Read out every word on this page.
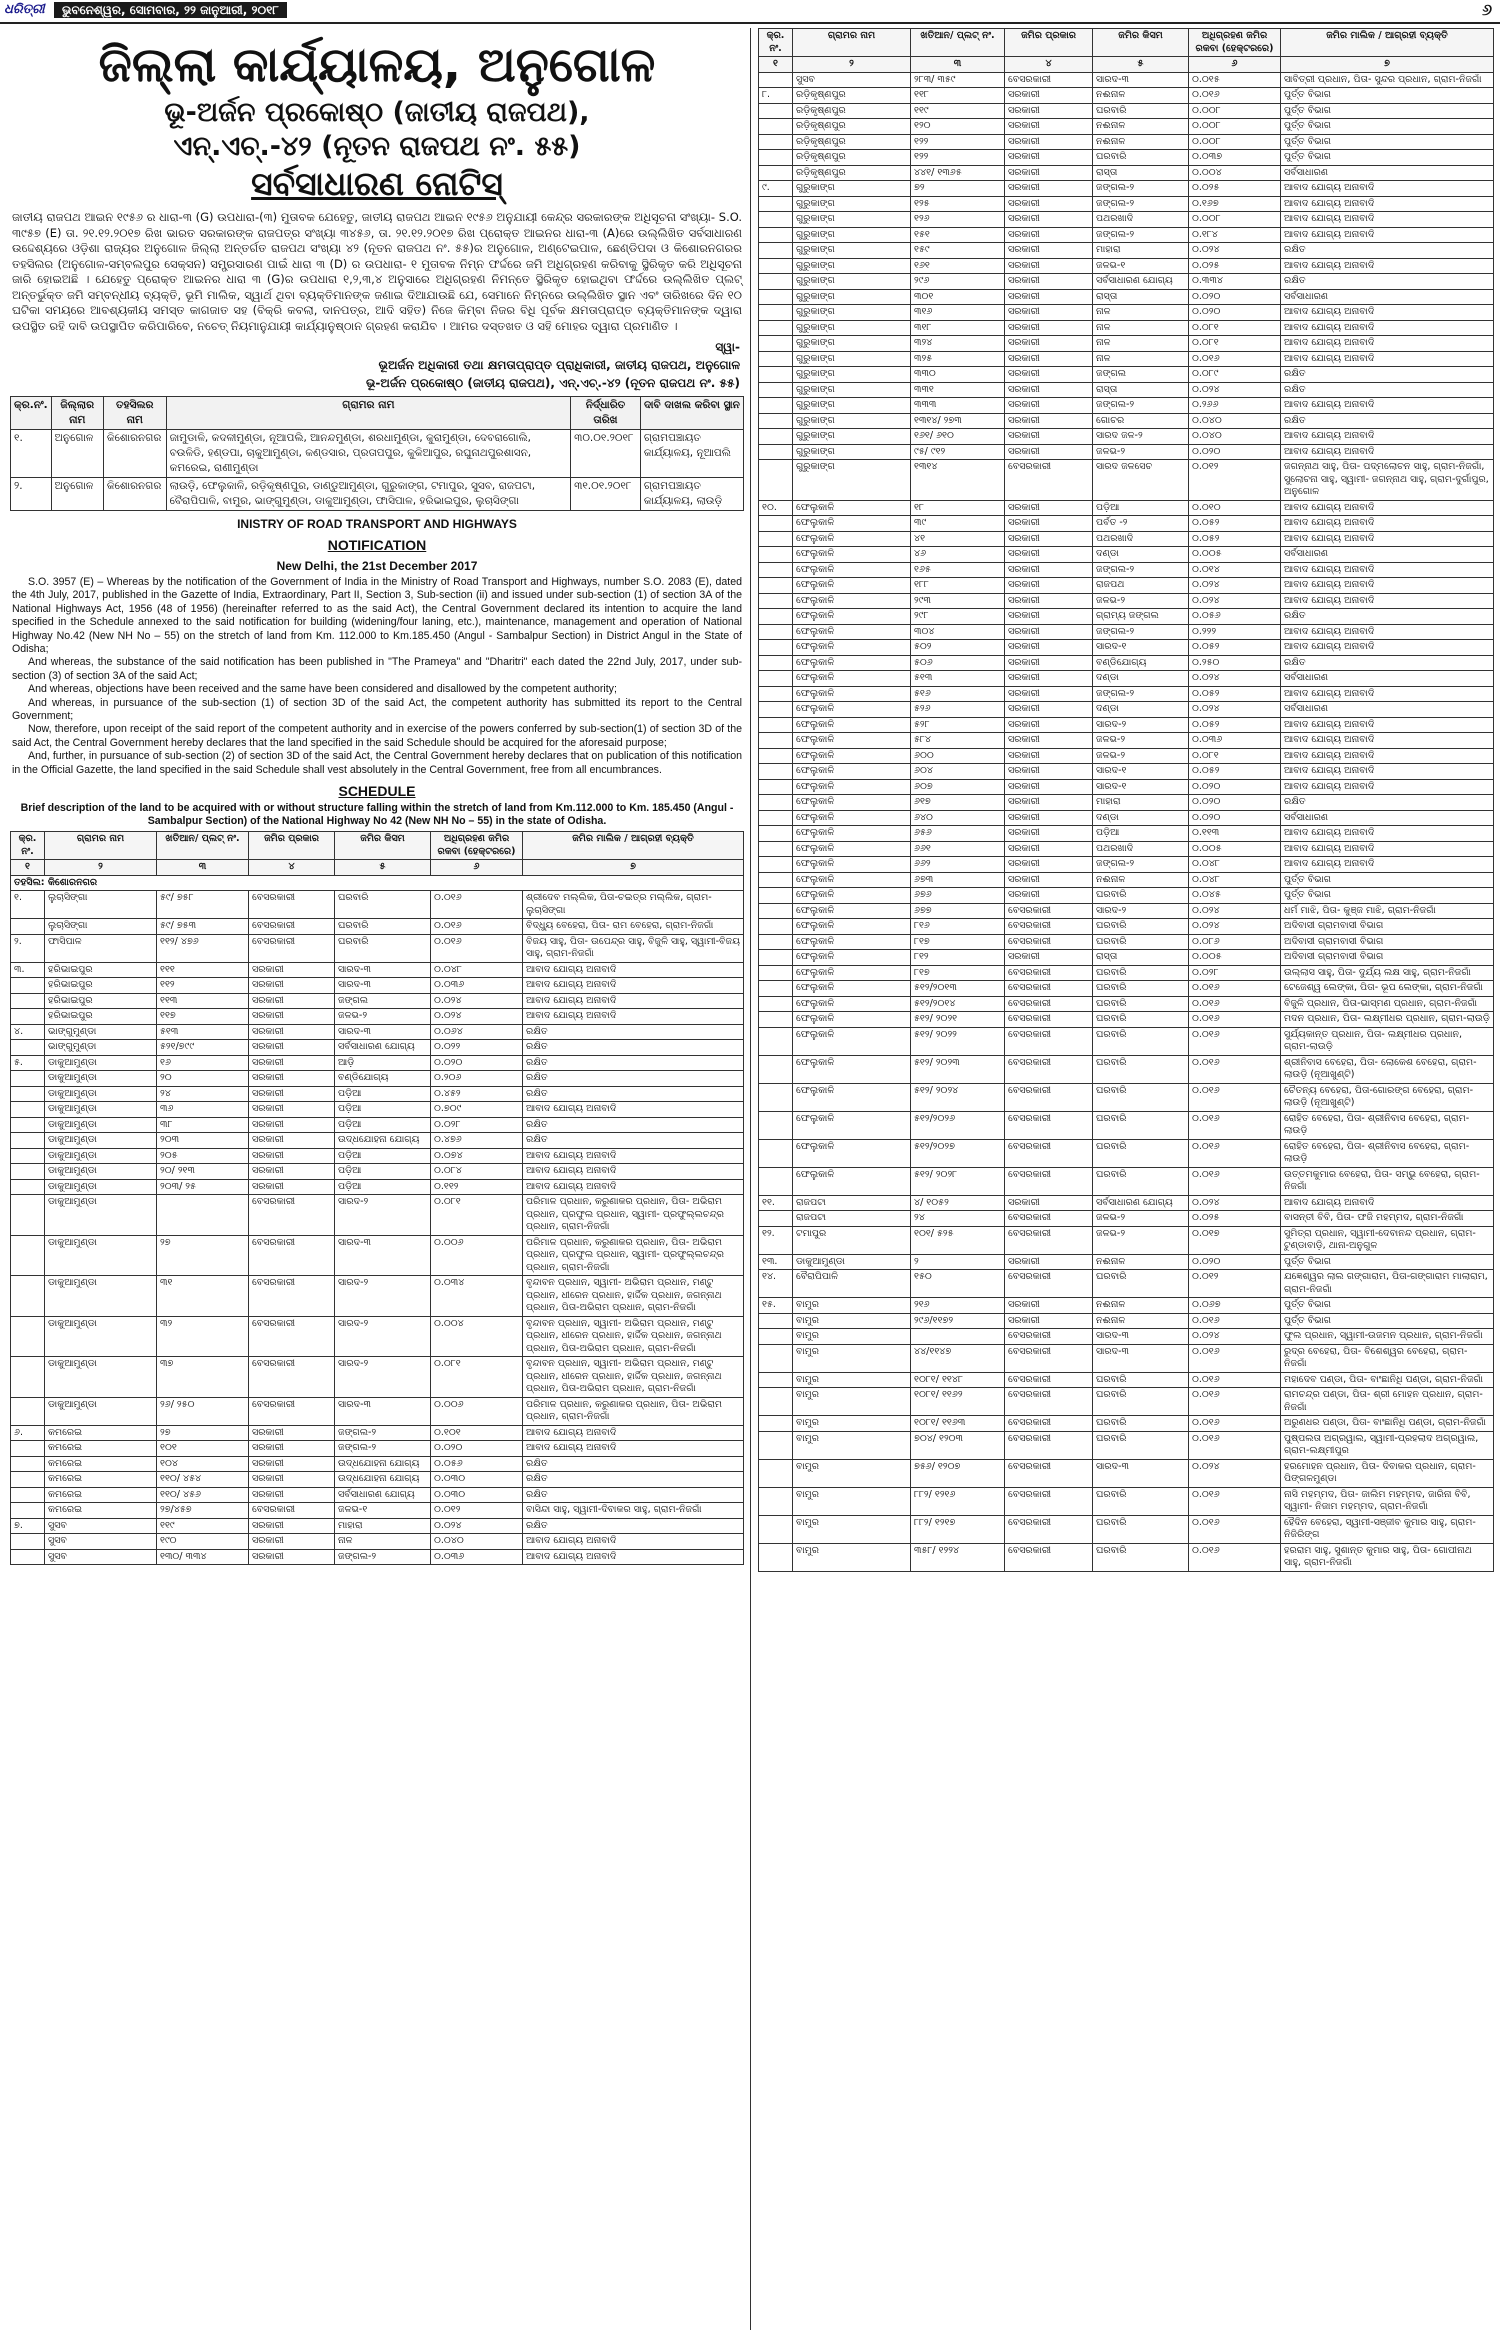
ଧରିତ୍ରୀ	ଭୁବନେଶ୍ୱର, ସୋମବାର, ୨୨ ଜାନୁଆରୀ, ୨୦୧୮	୬
ଜିଲ୍ଲା କାର୍ଯ୍ୟାଳୟ, ଅନୁଗୋଳ
ଭୂ-ଅର୍ଜନ ପ୍ରକୋଷ୍ଠ (ଜାତୀୟ ରାଜପଥ),
ଏନ୍.ଏଚ୍.-୪୨ (ନୂତନ ରାଜପଥ ନଂ. ୫୫)
ସର୍ବସାଧାରଣ ନୋଟିସ୍
ଜାତୀୟ ରାଜପଥ ଆଇନ ୧୯୫୬ ର ଧାରା-୩ (G) ଉପଧାରା-(୩) ମୁତାବକ ଯେହେତୁ, ଜାତୀୟ ରାଜପଥ ଆଇନ ୧୯୫୬ ଅନୁଯାୟୀ କେନ୍ଦ୍ର ସରକାରଙ୍କ ଅଧିସୂଚନା ସଂଖ୍ୟା- S.O. ୩୯୫୭ (E) ତା. ୨୧.୧୨.୨୦୧୭ ରିଖ ଭାରତ ସରକାରଙ୍କ ରାଜପତ୍ର ସଂଖ୍ୟା ୩୪୫୬, ତା. ୨୧.୧୨.୨୦୧୭ ରିଖ ପ୍ରୋକ୍ତ ଆଇନର ଧାରା-୩ (A)ରେ ଉଲ୍ଲିଖିତ ସର୍ବସାଧାରଣ ଉଦ୍ଦେଶ୍ୟରେ ଓଡ଼ିଶା ରାଜ୍ୟର ଅନୁଗୋଳ ଜିଲ୍ଲା ଅନ୍ତର୍ଗତ ରାଜପଥ ସଂଖ୍ୟା ୪୨ (ନୂତନ ରାଜପଥ ନଂ. ୫୫)ର ଅନୁଗୋଳ, ଅଣ୍ଟେଇପାଳ, ଛେଣ୍ଡିପଦା ଓ କିଶୋରନଗରର ତହସିଲର (ଅନୁଗୋଳ-ସମ୍ବଲପୁର ସେକ୍ସନ) ସମ୍ପ୍ରସାରଣ ପାଇଁ ଧାରା ୩ (D) ର ଉପଧାରା- ୧ ମୁତାବକ ନିମ୍ନ ଫର୍ଦ୍ଦରେ ଜମି ଅଧିଗ୍ରହଣ କରିବାକୁ ସ୍ଥିରିକୃତ କରି ଅଧିସୂଚନା ଜାରି ହୋଇଅଛି । ଯେହେତୁ ପ୍ରୋକ୍ତ ଆଇନର ଧାରା ୩ (G)ର ଉପଧାରା ୧,୨,୩,୪ ଅନୁସାରେ ଅଧିଗ୍ରହଣ ନିମନ୍ତେ ସ୍ଥିରିକୃତ ହୋଇଥିବା ଫର୍ଦ୍ଦରେ ଉଲ୍ଲିଖିତ ପ୍ଲଟ୍ ଅନ୍ତର୍ଭୁକ୍ତ ଜମି ସମ୍ବନ୍ଧୀୟ ବ୍ୟକ୍ତି, ଭୂମି ମାଲିକ, ସ୍ୱାର୍ଥ ଥିବା ବ୍ୟକ୍ତିମାନଙ୍କ ଜଣାଇ ଦିଆଯାଉଛି ଯେ, ସେମାନେ ନିମ୍ନରେ ଉଲ୍ଲିଖିତ ସ୍ଥାନ ଏବଂ ତାରିଖରେ ଦିନ ୧୦ ଘଟିକା ସମୟରେ ଆବଶ୍ୟକୀୟ ସମସ୍ତ କାଗଜାତ ସହ (ବିକ୍ରି କବଲା, ଦାନପତ୍ର, ଆଦି ସହିତ) ନିଜେ କିମ୍ବା ନିଜର ବିଧି ପୂର୍ବକ କ୍ଷମତାପ୍ରାପ୍ତ ବ୍ୟକ୍ତିମାନଙ୍କ ଦ୍ୱାରା ଉପସ୍ଥିତ ରହି ଦାବି ଉପସ୍ଥାପିତ କରିପାରିବେ, ନଚେତ୍ ନିୟମାନୁଯାୟୀ କାର୍ଯ୍ୟାନୁଷ୍ଠାନ ଗ୍ରହଣ କରାଯିବ । ଆମର ଦସ୍ତଖତ ଓ ସହି ମୋହର ଦ୍ୱାରା ପ୍ରମାଣିତ ।
ସ୍ୱା-
ଭୂଅର୍ଜନ ଅଧିକାରୀ ତଥା କ୍ଷମତାପ୍ରାପ୍ତ ପ୍ରାଧିକାରୀ, ଜାତୀୟ ରାଜପଥ, ଅନୁଗୋଳ
ଭୂ-ଅର୍ଜନ ପ୍ରକୋଷ୍ଠ (ଜାତୀୟ ରାଜପଥ), ଏନ୍.ଏଚ୍.-୪୨ (ନୂତନ ରାଜପଥ ନଂ. ୫୫)
କ୍ର.ନଂ.	ଜିଲ୍ଲାର ନାମ	ତହସିଲର ନାମ	ଗ୍ରାମର ନାମ	ନିର୍ଦ୍ଧାରିତ ତାରିଖ	ଦାବି ଦାଖଲ କରିବା ସ୍ଥାନ
୧.	ଅନୁଗୋଳ	କିଶୋରନଗର	ଜାମୁଡାଳି, କଦଳୀମୁଣ୍ଡା, ନୂଆପଲି, ଆନନ୍ଦମୁଣ୍ଡା, ଶରଧାମୁଣ୍ଡା, କୁରାମୁଣ୍ଡା, ଦେବରାଗୋଲି, ବଉଳିଡି, ହଣ୍ଡପା, ଚାକୁଆମୁଣ୍ଡା, କଣ୍ଡସାର, ପ୍ରତାପପୁର, କୁକିଆପୁର, ରଘୁନାଥପୁରଶାସନ, କମରେଇ, ରାଣୀମୁଣ୍ଡା	୩୦.୦୧.୨୦୧୮	ଗ୍ରାମପଞ୍ଚାୟତ କାର୍ଯ୍ୟାଳୟ, ନୂଆପଲି
୨.	ଅନୁଗୋଳ	କିଶୋରନଗର	ଲାଉଡ଼ି, ଫେଲୁକାଳି, ରଡ଼ିକୃଷ୍ଣପୁର, ଡାଣ୍ଡୁଆମୁଣ୍ଡା, ଗୁରୁକାଙ୍ଗ, ଟମାପୁର, ସୁସବ, ରାଜପଟା, ବୈରାପିପାଳି, ବାମୁର, ଭାଙ୍ଗୁମୁଣ୍ଡା, ଡାକୁଆମୁଣ୍ଡା, ଫାସିପାଳ, ହରିଭାଇପୁର, ଲୁଚାସିଙ୍ଗା	୩୧.୦୧.୨୦୧୮	ଗ୍ରାମପଞ୍ଚାୟତ କାର୍ଯ୍ୟାଳୟ, ଲାଉଡ଼ି
INISTRY OF ROAD TRANSPORT AND HIGHWAYS
NOTIFICATION
New Delhi, the 21st December 2017

S.O. 3957 (E) – Whereas by the notification of the Government of India in the Ministry of Road Transport and Highways, number S.O. 2083 (E), dated the 4th July, 2017, published in the Gazette of India, Extraordinary, Part II, Section 3, Sub-section (ii) and issued under sub-section (1) of section 3A of the National Highways Act, 1956 (48 of 1956) (hereinafter referred to as the said Act), the Central Government declared its intention to acquire the land specified in the Schedule annexed to the said notification for building (widening/four laning, etc.), maintenance, management and operation of National Highway No.42 (New NH No – 55) on the stretch of land from Km. 112.000 to Km.185.450 (Angul - Sambalpur Section) in District Angul in the State of Odisha;

And whereas, the substance of the said notification has been published in "The Prameya" and "Dharitri" each dated the 22nd July, 2017, under sub-section (3) of section 3A of the said Act;

And whereas, objections have been received and the same have been considered and disallowed by the competent authority;

And whereas, in pursuance of the sub-section (1) of section 3D of the said Act, the competent authority has submitted its report to the Central Government;

Now, therefore, upon receipt of the said report of the competent authority and in exercise of the powers conferred by sub-section(1) of section 3D of the said Act, the Central Government hereby declares that the land specified in the said Schedule should be acquired for the aforesaid purpose;

And, further, in pursuance of sub-section (2) of section 3D of the said Act, the Central Government hereby declares that on publication of this notification in the Official Gazette, the land specified in the said Schedule shall vest absolutely in the Central Government, free from all encumbrances.

SCHEDULE
Brief description of the land to be acquired with or without structure falling within the stretch of land from Km.112.000 to Km. 185.450 (Angul - Sambalpur Section) of the National Highway No 42 (New NH No – 55) in the state of Odisha.
କ୍ର. ନଂ.	ଗ୍ରାମର ନାମ	ଖତିଆନ/ ପ୍ଲଟ୍ ନଂ.	ଜମିର ପ୍ରକାର	ଜମିର କିସମ	ଅଧିଗ୍ରହଣ ଜମିର ରକବା (ହେକ୍ଟରରେ)	ଜମିର ମାଲିକ / ଆଗ୍ରହୀ ବ୍ୟକ୍ତି
୧	୨	୩	୪	୫	୬	୭
ତହସିଲ: କିଶୋରନଗର						
୧.	ଲୁଚାସିଙ୍ଗା	୫୯/ ୭୫୮	ବେସରକାରୀ	ଘରବାରି	୦.୦୧୬	ଶ୍ରୀଦେବ ମଲ୍ଲିକ, ପିତା-ଚଇତ୍ର ମଲ୍ଲିକ, ଗ୍ରାମ-ଲୁଚାସିଙ୍ଗା
	ଲୁଚାସିଙ୍ଗା	୫୯/ ୭୫୩	ବେସରକାରୀ	ଘରବାରି	୦.୦୧୬	ବିଦ୍ଧ୍ୟୁ ବେହେରା, ପିତା- ରାମ ବେହେରା, ଗ୍ରାମ-ନିଜଗାଁ
୨.	ଫାସିପାଳ	୧୧୨/ ୪୭୬	ବେସରକାରୀ	ଘରବାରି	୦.୦୧୬	ବିଜୟ ସାହୁ, ପିତା- ଉପେନ୍ଦ୍ର ସାହୁ, ବିଜୁଳି ସାହୁ, ସ୍ୱାମୀ-ବିଜୟ ସାହୁ, ଗ୍ରାମ-ନିଜଗାଁ
୩.	ହରିଭାଇପୁର	୧୧୧	ସରକାରୀ	ସାରଦ-୩	୦.୦୪୮	ଆବାଦ ଯୋଗ୍ୟ ଅନାବାଦି
	ହରିଭାଇପୁର	୧୧୨	ସରକାରୀ	ସାରଦ-୩	୦.୦୩୬	ଆବାଦ ଯୋଗ୍ୟ ଅନାବାଦି
	ହରିଭାଇପୁର	୧୧୩	ସରକାରୀ	ଜଙ୍ଗଲ	୦.୦୨୪	ଆବାଦ ଯୋଗ୍ୟ ଅନାବାଦି
	ହରିଭାଇପୁର	୧୧୭	ସରକାରୀ	ଜଳଭ-୨	୦.୦୨୪	ଆବାଦ ଯୋଗ୍ୟ ଅନାବାଦି
୪.	ଭାଙ୍ଗୁମୁଣ୍ଡା	୫୧୩	ସରକାରୀ	ସାରଦ-୩	୦.୦୬୪	ରକ୍ଷିତ
	ଭାଙ୍ଗୁମୁଣ୍ଡା	୫୨୧/୭୯୯	ସରକାରୀ	ସର୍ବସାଧାରଣ ଯୋଗ୍ୟ	୦.୦୨୨	ରକ୍ଷିତ
୫.	ଡାକୁଆମୁଣ୍ଡା	୧୬	ସରକାରୀ	ଆଡ଼ି	୦.୦୨୦	ରକ୍ଷିତ
	ଡାକୁଆମୁଣ୍ଡା	୨୦	ସରକାରୀ	ବଣ୍ଡିଯୋଗ୍ୟ	୦.୨୦୬	ରକ୍ଷିତ
	ଡାକୁଆମୁଣ୍ଡା	୨୪	ସରକାରୀ	ପଡ଼ିଆ	୦.୪୫୨	ରକ୍ଷିତ
	ଡାକୁଆମୁଣ୍ଡା	୩୬	ସରକାରୀ	ପଡ଼ିଆ	୦.୭୦୯	ଆବାଦ ଯୋଗ୍ୟ ଅନାବାଦି
	ଡାକୁଆମୁଣ୍ଡା	୩୮	ସରକାରୀ	ପଡ଼ିଆ	୦.୦୨୮	ରକ୍ଷିତ
	ଡାକୁଆମୁଣ୍ଡା	୨୦୩	ସରକାରୀ	ଉଦ୍ଧଯୋହନା ଯୋଗ୍ୟ	୦.୪୭୬	ରକ୍ଷିତ
	ଡାକୁଆମୁଣ୍ଡା	୨୦୫	ସରକାରୀ	ପଡ଼ିଆ	୦.୦୭୪	ଆବାଦ ଯୋଗ୍ୟ ଅନାବାଦି
	ଡାକୁଆମୁଣ୍ଡା	୨୦/ ୨୧୩	ସରକାରୀ	ପଡ଼ିଆ	୦.୦୮୪	ଆବାଦ ଯୋଗ୍ୟ ଅନାବାଦି
	ଡାକୁଆମୁଣ୍ଡା	୨୦୩/ ୨୫	ସରକାରୀ	ପଡ଼ିଆ	୦.୧୧୨	ଆବାଦ ଯୋଗ୍ୟ ଅନାବାଦି
	ଡାକୁଆମୁଣ୍ଡା		ବେସରକାରୀ	ସାରଦ-୨	୦.୦୮୧	ପରିମାଳ ପ୍ରଧାନ, କରୁଣାକର ପ୍ରଧାନ, ପିତା- ଅଭିରାମ ପ୍ରଧାନ, ପ୍ରଫୁଲ ପ୍ରଧାନ, ସ୍ୱାମୀ- ପ୍ରଫୁଲ୍ଲଚନ୍ଦ୍ର ପ୍ରଧାନ, ଗ୍ରାମ-ନିଜଗାଁ
	ଡାକୁଆମୁଣ୍ଡା	୨୭	ବେସରକାରୀ	ସାରଦ-୩	୦.୦୦୬	ପରିମାଳ ପ୍ରଧାନ, କରୁଣାକର ପ୍ରଧାନ, ପିତା- ଅଭିରାମ ପ୍ରଧାନ, ପ୍ରଫୁଲ ପ୍ରଧାନ, ସ୍ୱାମୀ- ପ୍ରଫୁଲ୍ଲଚନ୍ଦ୍ର ପ୍ରଧାନ, ଗ୍ରାମ-ନିଜଗାଁ
	ଡାକୁଆମୁଣ୍ଡା	୩୧	ବେସରକାରୀ	ସାରଦ-୨	୦.୦୩୪	ବୃନ୍ଦାବନ ପ୍ରଧାନ, ସ୍ୱାମୀ- ଅଭିରାମ ପ୍ରଧାନ, ମଣ୍ଟୁ ପ୍ରଧାନ, ଧୀରେନ ପ୍ରଧାନ, ହାର୍ଦ୍ଦିକ ପ୍ରଧାନ, ଜଗନ୍ନାଥ ପ୍ରଧାନ, ପିତା-ଅଭିରାମ ପ୍ରଧାନ, ଗ୍ରାମ-ନିଜଗାଁ
	ଡାକୁଆମୁଣ୍ଡା	୩୨	ବେସରକାରୀ	ସାରଦ-୨	୦.୦୦୪	ବୃନ୍ଦାବନ ପ୍ରଧାନ, ସ୍ୱାମୀ- ଅଭିରାମ ପ୍ରଧାନ, ମଣ୍ଟୁ ପ୍ରଧାନ, ଧୀରେନ ପ୍ରଧାନ, ହାର୍ଦ୍ଦିକ ପ୍ରଧାନ, ଜଗନ୍ନାଥ ପ୍ରଧାନ, ପିତା-ଅଭିରାମ ପ୍ରଧାନ, ଗ୍ରାମ-ନିଜଗାଁ
	ଡାକୁଆମୁଣ୍ଡା	୩୭	ବେସରକାରୀ	ସାରଦ-୨	୦.୦୮୧	ବୃନ୍ଦାବନ ପ୍ରଧାନ, ସ୍ୱାମୀ- ଅଭିରାମ ପ୍ରଧାନ, ମଣ୍ଟୁ ପ୍ରଧାନ, ଧୀରେନ ପ୍ରଧାନ, ହାର୍ଦ୍ଦିକ ପ୍ରଧାନ, ଜଗନ୍ନାଥ ପ୍ରଧାନ, ପିତା-ଅଭିରାମ ପ୍ରଧାନ, ଗ୍ରାମ-ନିଜଗାଁ
	ଡାକୁଆମୁଣ୍ଡା	୨୬/ ୨୫୦	ବେସରକାରୀ	ସାରଦ-୩	୦.୦୦୬	ପରିମାଳ ପ୍ରଧାନ, କରୁଣାକର ପ୍ରଧାନ, ପିତା- ଅଭିରାମ ପ୍ରଧାନ, ଗ୍ରାମ-ନିଜଗାଁ
୬.	କମରେଇ	୨୭	ସରକାରୀ	ଜଙ୍ଗଲ-୨	୦.୧୦୧	ଆବାଦ ଯୋଗ୍ୟ ଅନାବାଦି
	କମରେଇ	୧୦୧	ସରକାରୀ	ଜଙ୍ଗଲ-୨	୦.୦୨୦	ଆବାଦ ଯୋଗ୍ୟ ଅନାବାଦି
	କମରେଇ	୧୦୪	ସରକାରୀ	ଉଦ୍ଧଯୋହନା ଯୋଗ୍ୟ	୦.୦୫୬	ରକ୍ଷିତ
	କମରେଇ	୧୧୦/ ୪୫୪	ସରକାରୀ	ଉଦ୍ଧଯୋହନା ଯୋଗ୍ୟ	୦.୦୩୦	ରକ୍ଷିତ
	କମରେଇ	୧୧୦/ ୪୫୬	ସରକାରୀ	ସର୍ବସାଧାରଣ ଯୋଗ୍ୟ	୦.୦୩୦	ରକ୍ଷିତ
	କମରେଇ	୨୭/୪୫୭	ବେସରକାରୀ	ଜଳଭ-୧	୦.୦୧୨	ବାସିନ୍ଦା ସାହୁ, ସ୍ୱାମୀ-ଦିବାକର ସାହୁ, ଗ୍ରାମ-ନିଜଗାଁ
୭.	ସୁସବ	୧୧୯	ସରକାରୀ	ମାହାରା	୦.୦୨୪	ରକ୍ଷିତ
	ସୁସବ	୧୯୦	ସରକାରୀ	ନାଳ	୦.୦୪୦	ଆବାଦ ଯୋଗ୍ୟ ଅନାବାଦି
	ସୁସବ	୧୩୦/ ୩୩୪	ସରକାରୀ	ଜଙ୍ଗଲ-୨	୦.୦୩୬	ଆବାଦ ଯୋଗ୍ୟ ଅନାବାଦି
କ୍ର. ନଂ.	ଗ୍ରାମର ନାମ	ଖତିଆନ/ ପ୍ଲଟ୍ ନଂ.	ଜମିର ପ୍ରକାର	ଜମିର କିସମ	ଅଧିଗ୍ରହଣ ଜମିର ରକବା (ହେକ୍ଟରରେ)	ଜମିର ମାଲିକ / ଆଗ୍ରହୀ ବ୍ୟକ୍ତି
୧	୨	୩	୪	୫	୬	୭
	ସୁସବ	୨୮୩/ ୩୫୯	ବେସରକାରୀ	ସାରଦ-୩	୦.୦୧୫	ସାବିତ୍ରୀ ପ୍ରଧାନ, ପିତା- ସୁନ୍ଦର ପ୍ରଧାନ, ଗ୍ରାମ-ନିଜଗାଁ
୮.	ରଡ଼ିକୃଷ୍ଣପୁର	୧୧୮	ସରକାରୀ	ନଈନାଳ	୦.୦୧୬	ପୁର୍ତ୍ତ ବିଭାଗ
	ରଡ଼ିକୃଷ୍ଣପୁର	୧୧୯	ସରକାରୀ	ଘରବାରି	୦.୦୦୮	ପୁର୍ତ୍ତ ବିଭାଗ
	ରଡ଼ିକୃଷ୍ଣପୁର	୧୨୦	ସରକାରୀ	ନଈନାଳ	୦.୦୦୮	ପୁର୍ତ୍ତ ବିଭାଗ
	ରଡ଼ିକୃଷ୍ଣପୁର	୧୨୨	ସରକାରୀ	ନଈନାଳ	୦.୦୦୮	ପୁର୍ତ୍ତ ବିଭାଗ
	ରଡ଼ିକୃଷ୍ଣପୁର	୧୨୨	ସରକାରୀ	ଘରବାରି	୦.୦୩୭	ପୁର୍ତ୍ତ ବିଭାଗ
	ରଡ଼ିକୃଷ୍ଣପୁର	୪୪୧/ ୧୩୬୫	ସରକାରୀ	ରାସ୍ତା	୦.୦୦୪	ସର୍ବସାଧାରଣ
୯.	ଗୁରୁକାଙ୍ଗ	୭୨	ସରକାରୀ	ଜଙ୍ଗଲ-୨	୦.୦୨୫	ଆବାଦ ଯୋଗ୍ୟ ଅନାବାଦି
	ଗୁରୁକାଙ୍ଗ	୧୨୫	ସରକାରୀ	ଜଙ୍ଗଲ-୨	୦.୧୬୭	ଆବାଦ ଯୋଗ୍ୟ ଅନାବାଦି
	ଗୁରୁକାଙ୍ଗ	୧୨୬	ସରକାରୀ	ପଥରଖାଦି	୦.୦୦୮	ଆବାଦ ଯୋଗ୍ୟ ଅନାବାଦି
	ଗୁରୁକାଙ୍ଗ	୧୫୧	ସରକାରୀ	ଜଙ୍ଗଲ-୨	୦.୧୮୪	ଆବାଦ ଯୋଗ୍ୟ ଅନାବାଦି
	ଗୁରୁକାଙ୍ଗ	୧୫୯	ସରକାରୀ	ମାହାରା	୦.୦୨୪	ରକ୍ଷିତ
	ଗୁରୁକାଙ୍ଗ	୧୬୧	ସରକାରୀ	ଜଳଭ-୧	୦.୦୨୫	ଆବାଦ ଯୋଗ୍ୟ ଅନାବାଦି
	ଗୁରୁକାଙ୍ଗ	୨୯୬	ସରକାରୀ	ସର୍ବସାଧାରଣ ଯୋଗ୍ୟ	୦.୩୩୪	ରକ୍ଷିତ
	ଗୁରୁକାଙ୍ଗ	୩୦୧	ସରକାରୀ	ରାସ୍ତା	୦.୦୨୦	ସର୍ବସାଧାରଣ
	ଗୁରୁକାଙ୍ଗ	୩୧୬	ସରକାରୀ	ନାଳ	୦.୦୨୦	ଆବାଦ ଯୋଗ୍ୟ ଅନାବାଦି
	ଗୁରୁକାଙ୍ଗ	୩୧୮	ସରକାରୀ	ନାଳ	୦.୦୮୧	ଆବାଦ ଯୋଗ୍ୟ ଅନାବାଦି
	ଗୁରୁକାଙ୍ଗ	୩୨୪	ସରକାରୀ	ନାଳ	୦.୦୮୧	ଆବାଦ ଯୋଗ୍ୟ ଅନାବାଦି
	ଗୁରୁକାଙ୍ଗ	୩୨୫	ସରକାରୀ	ନାଳ	୦.୦୧୬	ଆବାଦ ଯୋଗ୍ୟ ଅନାବାଦି
	ଗୁରୁକାଙ୍ଗ	୩୩୦	ସରକାରୀ	ଜଙ୍ଗଲ	୦.୦୮୯	ରକ୍ଷିତ
	ଗୁରୁକାଙ୍ଗ	୩୩୧	ସରକାରୀ	ରାସ୍ତା	୦.୦୨୪	ରକ୍ଷିତ
	ଗୁରୁକାଙ୍ଗ	୩୩୩	ସରକାରୀ	ଜଙ୍ଗଲ-୨	୦.୨୬୬	ଆବାଦ ଯୋଗ୍ୟ ଅନାବାଦି
	ଗୁରୁକାଙ୍ଗ	୧୩୧୪/ ୨୭୩	ସରକାରୀ	ଗୋଚର	୦.୦୪୦	ରକ୍ଷିତ
	ଗୁରୁକାଙ୍ଗ	୧୬୧/ ୬୧୦	ସରକାରୀ	ସାରଦ ଜଳ-୨	୦.୦୪୦	ଆବାଦ ଯୋଗ୍ୟ ଅନାବାଦି
	ଗୁରୁକାଙ୍ଗ	୯୫/ ୯୧୨	ସରକାରୀ	ଜଳଭ-୨	୦.୦୨୦	ଆବାଦ ଯୋଗ୍ୟ ଅନାବାଦି
	ଗୁରୁକାଙ୍ଗ	୧୩୧୪	ବେସରକାରୀ	ସାରଦ ଜଳସେଚ	୦.୦୧୨	ଜଗନ୍ନାଥ ସାହୁ, ପିତା- ପଦ୍ମଲୋଚନ ସାହୁ, ଗ୍ରାମ-ନିଜଗାଁ, ସୁଲୋଚନା ସାହୁ, ସ୍ୱାମୀ- ଜଗନ୍ନାଥ ସାହୁ, ଗ୍ରାମ-ଦୁର୍ଗାପୁର, ଅନୁଗୋଳ
୧୦.	ଫେଲୁକାଳି	୧୮	ସରକାରୀ	ପଡ଼ିଆ	୦.୦୧୦	ଆବାଦ ଯୋଗ୍ୟ ଅନାବାଦି
	ଫେଲୁକାଳି	୩୯	ସରକାରୀ	ପର୍ବତ -୨	୦.୦୫୨	ଆବାଦ ଯୋଗ୍ୟ ଅନାବାଦି
	ଫେଲୁକାଳି	୪୧	ସରକାରୀ	ପଥରଖାଦି	୦.୦୫୨	ଆବାଦ ଯୋଗ୍ୟ ଅନାବାଦି
	ଫେଲୁକାଳି	୪୬	ସରକାରୀ	ଦଣ୍ଡା	୦.୦୦୫	ସର୍ବସାଧାରଣ
	ଫେଲୁକାଳି	୧୬୫	ସରକାରୀ	ଜଙ୍ଗଲ-୨	୦.୦୧୪	ଆବାଦ ଯୋଗ୍ୟ ଅନାବାଦି
	ଫେଲୁକାଳି	୧୮୮	ସରକାରୀ	ରାଜପଥ	୦.୦୨୪	ଆବାଦ ଯୋଗ୍ୟ ଅନାବାଦି
	ଫେଲୁକାଳି	୨୯୩	ସରକାରୀ	ଜଳଭ-୨	୦.୦୨୪	ଆବାଦ ଯୋଗ୍ୟ ଅନାବାଦି
	ଫେଲୁକାଳି	୨୯୮	ସରକାରୀ	ଗ୍ରାମ୍ୟ ଜଙ୍ଗଲ	୦.୦୫୬	ରକ୍ଷିତ
	ଫେଲୁକାଳି	୩୦୪	ସରକାରୀ	ଜଙ୍ଗଲ-୨	୦.୨୨୨	ଆବାଦ ଯୋଗ୍ୟ ଅନାବାଦି
	ଫେଲୁକାଳି	୫୦୨	ସରକାରୀ	ସାରଦ-୧	୦.୦୫୨	ଆବାଦ ଯୋଗ୍ୟ ଅନାବାଦି
	ଫେଲୁକାଳି	୫୦୬	ସରକାରୀ	ବଣ୍ଡିଯୋଗ୍ୟ	୦.୨୫୦	ରକ୍ଷିତ
	ଫେଲୁକାଳି	୫୧୩	ସରକାରୀ	ଦଣ୍ଡା	୦.୦୨୪	ସର୍ବସାଧାରଣ
	ଫେଲୁକାଳି	୫୧୬	ସରକାରୀ	ଜଙ୍ଗଲ-୨	୦.୦୫୨	ଆବାଦ ଯୋଗ୍ୟ ଅନାବାଦି
	ଫେଲୁକାଳି	୫୨୬	ସରକାରୀ	ଦଣ୍ଡା	୦.୦୨୪	ସର୍ବସାଧାରଣ
	ଫେଲୁକାଳି	୫୨୮	ସରକାରୀ	ସାରଦ-୨	୦.୦୫୨	ଆବାଦ ଯୋଗ୍ୟ ଅନାବାଦି
	ଫେଲୁକାଳି	୫୮୪	ସରକାରୀ	ଜଳଭ-୨	୦.୦୩୬	ଆବାଦ ଯୋଗ୍ୟ ଅନାବାଦି
	ଫେଲୁକାଳି	୬୦୦	ସରକାରୀ	ଜଳଭ-୨	୦.୦୮୧	ଆବାଦ ଯୋଗ୍ୟ ଅନାବାଦି
	ଫେଲୁକାଳି	୬୦୪	ସରକାରୀ	ସାରଦ-୧	୦.୦୫୨	ଆବାଦ ଯୋଗ୍ୟ ଅନାବାଦି
	ଫେଲୁକାଳି	୬୦୭	ସରକାରୀ	ସାରଦ-୧	୦.୦୨୦	ଆବାଦ ଯୋଗ୍ୟ ଅନାବାଦି
	ଫେଲୁକାଳି	୬୧୭	ସରକାରୀ	ମାହାରା	୦.୦୨୦	ରକ୍ଷିତ
	ଫେଲୁକାଳି	୬୪୦	ସରକାରୀ	ଦଣ୍ଡା	୦.୦୨୦	ସର୍ବସାଧାରଣ
	ଫେଲୁକାଳି	୬୫୬	ସରକାରୀ	ପଡ଼ିଆ	୦.୧୧୩	ଆବାଦ ଯୋଗ୍ୟ ଅନାବାଦି
	ଫେଲୁକାଳି	୬୬୧	ସରକାରୀ	ପଥରଖାଦି	୦.୦୦୫	ଆବାଦ ଯୋଗ୍ୟ ଅନାବାଦି
	ଫେଲୁକାଳି	୬୬୨	ସରକାରୀ	ଜଙ୍ଗଲ-୨	୦.୦୪୮	ଆବାଦ ଯୋଗ୍ୟ ଅନାବାଦି
	ଫେଲୁକାଳି	୬୭୩	ସରକାରୀ	ନଈନାଳ	୦.୦୪୮	ପୁର୍ତ୍ତ ବିଭାଗ
	ଫେଲୁକାଳି	୬୭୬	ସରକାରୀ	ଘରବାରି	୦.୦୪୫	ପୁର୍ତ୍ତ ବିଭାଗ
	ଫେଲୁକାଳି	୬୭୭	ବେସରକାରୀ	ସାରଦ-୨	୦.୦୨୪	ଧର୍ମ ମାଝି, ପିତା- କୁଞ୍ଜ ମାଝି, ଗ୍ରାମ-ନିଜଗାଁ
	ଫେଲୁକାଳି	୮୧୬	ବେସରକାରୀ	ଘରବାରି	୦.୦୨୪	ଅଦିବାସୀ ଗ୍ରାମବାସୀ ବିଭାଗ
	ଫେଲୁକାଳି	୮୧୭	ବେସରକାରୀ	ଘରବାରି	୦.୦୮୬	ଅଦିବାସୀ ଗ୍ରାମବାସୀ ବିଭାଗ
	ଫେଲୁକାଳି	୮୧୨	ସରକାରୀ	ରାସ୍ତା	୦.୦୦୫	ଅଦିବାସୀ ଗ୍ରାମବାସୀ ବିଭାଗ
	ଫେଲୁକାଳି	୮୧୭	ବେସରକାରୀ	ଘରବାରି	୦.୦୨୮	ଉଲ୍ଲାସ ସାହୁ, ପିତା- ଦୁର୍ଯ୍ୟ ଲକ୍ଷ ସାହୁ, ଗ୍ରାମ-ନିଜଗାଁ
	ଫେଲୁକାଳି	୫୧୨/୨୦୧୩	ବେସରକାରୀ	ଘରବାରି	୦.୦୧୬	ଟେଜେଶ୍ୱ ଲେଙ୍କା, ପିତା- ଭୂପ ଲେଙ୍କା, ଗ୍ରାମ-ନିଜଗାଁ
	ଫେଲୁକାଳି	୫୧୨/୨୦୧୪	ବେସରକାରୀ	ଘରବାରି	୦.୦୧୬	ବିଜୁଳି ପ୍ରଧାନ, ପିତା-ଭାସ୍ମଣ ପ୍ରଧାନ, ଗ୍ରାମ-ନିଜଗାଁ
	ଫେଲୁକାଳି	୫୧୨/ ୨୦୨୧	ବେସରକାରୀ	ଘରବାରି	୦.୦୧୬	ମଦନ ପ୍ରଧାନ, ପିତା- ଲକ୍ଷ୍ମୀଧର ପ୍ରଧାନ, ଗ୍ରାମ-ଲାଉଡ଼ି
	ଫେଲୁକାଳି	୫୧୨/ ୨୦୨୨	ବେସରକାରୀ	ଘରବାରି	୦.୦୧୬	ସୁର୍ଯ୍ୟକାନ୍ତ ପ୍ରଧାନ, ପିତା- ଲକ୍ଷ୍ମୀଧର ପ୍ରଧାନ, ଗ୍ରାମ-ଲାଉଡ଼ି
	ଫେଲୁକାଳି	୫୧୨/ ୨୦୨୩	ବେସରକାରୀ	ଘରବାରି	୦.୦୧୬	ଶ୍ରୀନିବାସ ବେହେରା, ପିତା- ଲୋକେଶ ବେହେରା, ଗ୍ରାମ-ଲାଉଡ଼ି (ନୂଆଖୁଣ୍ଟି)
	ଫେଲୁକାଳି	୫୧୨/ ୨୦୨୪	ବେସରକାରୀ	ଘରବାରି	୦.୦୧୬	ଚୈତନ୍ୟ ବେହେରା, ପିତା-ଗୋରଙ୍ଗ ବେହେରା, ଗ୍ରାମ-ଲାଉଡ଼ି (ନୂଆଖୁଣ୍ଟି)
	ଫେଲୁକାଳି	୫୧୨/୨୦୨୬	ବେସରକାରୀ	ଘରବାରି	୦.୦୧୬	ରୋହିତ ବେହେରା, ପିତା- ଶ୍ରୀନିବାସ ବେହେରା, ଗ୍ରାମ-ଲାଉଡ଼ି
	ଫେଲୁକାଳି	୫୧୨/୨୦୨୭	ବେସରକାରୀ	ଘରବାରି	୦.୦୧୬	ରୋହିତ ବେହେରା, ପିତା- ଶ୍ରୀନିବାସ ବେହେରା, ଗ୍ରାମ-ଲାଉଡ଼ି
	ଫେଲୁକାଳି	୫୧୨/ ୨୦୨୮	ବେସରକାରୀ	ଘରବାରି	୦.୦୧୬	ଉତ୍ତମକୁମାର ବେହେରା, ପିତା- ସମ୍ଭୁ ବେହେରା, ଗ୍ରାମ-ନିଜଗାଁ
୧୧.	ରାଜପଟା	୪/ ୧୦୫୨	ସରକାରୀ	ସର୍ବସାଧାରଣ ଯୋଗ୍ୟ	୦.୦୨୪	ଆବାଦ ଯୋଗ୍ୟ ଅନାବାଦି
	ରାଜପଟା	୨୪	ବେସରକାରୀ	ଜଳଭ-୨	୦.୦୨୫	ବାସନ୍ତୀ ବିବି, ପିତା- ଫଜି ମହମ୍ମଦ, ଗ୍ରାମ-ନିଜଗାଁ
୧୨.	ଟମାପୁର	୧୦୧/ ୫୨୫	ବେସରକାରୀ	ଜଳଭ-୨	୦.୦୧୭	ସୁମିତ୍ରା ପ୍ରଧାନ, ସ୍ୱାମୀ-ଦେବାନନ୍ଦ ପ୍ରଧାନ, ଗ୍ରାମ-ଟୁଣ୍ଡାବାଡ଼ି, ଥାନା-ଅନୁଗୁଳ
୧୩.	ଡାକୁଆମୁଣ୍ଡା	୨	ସରକାରୀ	ନଈନାଳ	୦.୦୨୦	ପୁର୍ତ୍ତ ବିଭାଗ
୧୪.	ବୈରାପିପାଳି	୧୫୦	ବେସରକାରୀ	ଘରବାରି	୦.୦୧୨	ଯଜ୍ଞେଶ୍ୱର ଲାଲ ଗଙ୍ଗାରାମ, ପିତା-ଗଙ୍ଗାରାମ ମାଲାରାମ, ଗ୍ରାମ-ନିଜଗାଁ
୧୫.	ବାମୁର	୨୧୬	ସରକାରୀ	ନଈନାଳ	୦.୦୬୭	ପୁର୍ତ୍ତ ବିଭାଗ
	ବାମୁର	୨୯୬/୧୧୭୨	ସରକାରୀ	ନଈନାଳ	୦.୦୧୬	ପୁର୍ତ୍ତ ବିଭାଗ
	ବାମୁର		ବେସରକାରୀ	ସାରଦ-୩	୦.୦୨୪	ଫୁଲ ପ୍ରଧାନ, ସ୍ୱାମୀ-ଉଜମନ ପ୍ରଧାନ, ଗ୍ରାମ-ନିଜଗାଁ
	ବାମୁର	୪୪/୧୧୪୭	ବେସରକାରୀ	ସାରଦ-୩	୦.୦୧୬	ରୁଦ୍ର ବେହେରା, ପିତା- ବିଶେଶ୍ୱର ବେହେରା, ଗ୍ରାମ-ନିଜଗାଁ
	ବାମୁର	୧୦୮୧/ ୧୧୪୮	ବେସରକାରୀ	ଘରବାରି	୦.୦୧୬	ମହାଦେବ ପଣ୍ଡା, ପିତା- ବାଂଛାନିଧି ପଣ୍ଡା, ଗ୍ରାମ-ନିଜଗାଁ
	ବାମୁର	୧୦୮୧/ ୧୧୬୨	ବେସରକାରୀ	ଘରବାରି	୦.୦୧୬	ରାମଚନ୍ଦ୍ର ପଣ୍ଡା, ପିତା- ଶ୍ରୀ ମୋହନ ପ୍ରଧାନ, ଗ୍ରାମ-ନିଜଗାଁ
	ବାମୁର	୧୦୮୧/ ୧୧୬୩	ବେସରକାରୀ	ଘରବାରି	୦.୦୧୬	ଅରୁଣଧର ପଣ୍ଡା, ପିତା- ବାଂଛାନିଧି ପଣ୍ଡା, ଗ୍ରାମ-ନିଜଗାଁ
	ବାମୁର	୭୦୪/ ୧୨୦୩	ବେସରକାରୀ	ଘରବାରି	୦.୦୧୬	ପୁଷ୍ପଲତା ଅଗ୍ରୱାଲ, ସ୍ୱାମୀ-ପ୍ରହଲାଦ ଅଗ୍ରୱାଲ, ଗ୍ରାମ-ଲକ୍ଷ୍ମୀପୁର
	ବାମୁର	୭୫୬/ ୧୨୦୭	ବେସରକାରୀ	ସାରଦ-୩	୦.୦୨୪	ହରମୋହନ ପ୍ରଧାନ, ପିତା- ଦିବାକର ପ୍ରଧାନ, ଗ୍ରାମ-ପିଙ୍ଗଳମୁଣ୍ଡା
	ବାମୁର	୮୮୨/ ୧୨୧୬	ବେସରକାରୀ	ଘରବାରି	୦.୦୧୬	ନାସି ମହମ୍ମଦ, ପିତା- ଜାଲିମ ମହମ୍ମଦ, ଜାରିନା ବିବି, ସ୍ୱାମୀ- ନିଜାମ ମହମ୍ମଦ, ଗ୍ରାମ-ନିଜଗାଁ
	ବାମୁର	୮୮୨/ ୧୨୧୭	ବେସରକାରୀ	ଘରବାରି	୦.୦୧୬	ହୈଦିନ ବେହେରା, ସ୍ୱାମୀ-ସଞ୍ଜୀବ କୁମାର ସାହୁ, ଗ୍ରାମ-ନିଜିରିଙ୍ଗ
	ବାମୁର	୩୫୮/ ୧୨୨୪	ବେସରକାରୀ	ଘରବାରି	୦.୦୧୬	ହରରାମ ସାହୁ, ସୁଶାନ୍ତ କୁମାର ସାହୁ, ପିତା- ଗୋପୀନାଥ ସାହୁ, ଗ୍ରାମ-ନିଜଗାଁ
